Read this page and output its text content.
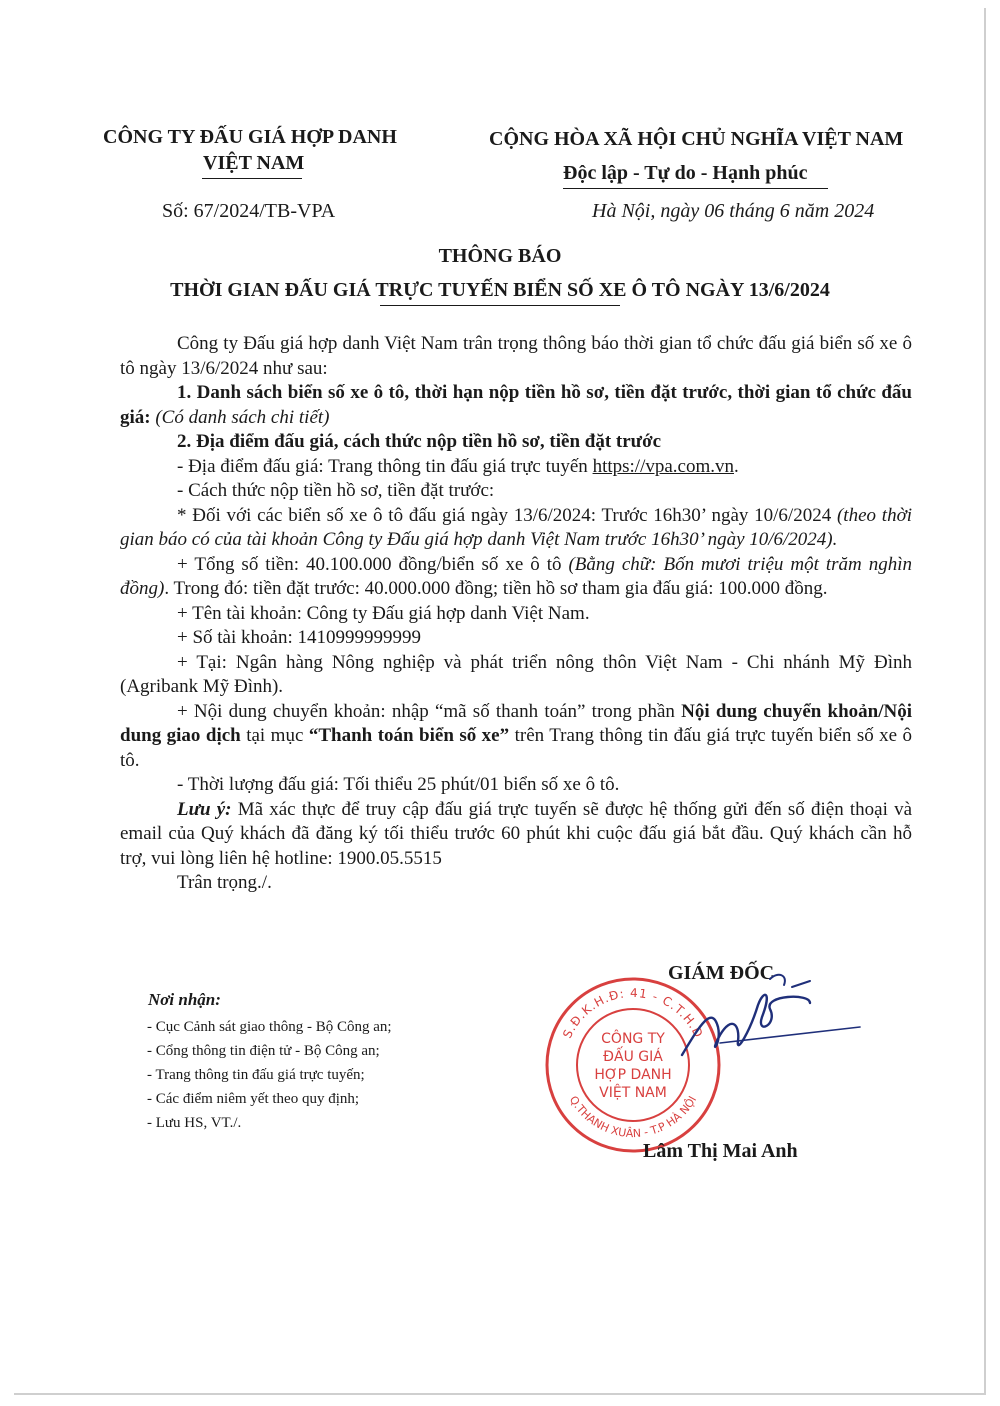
CÔNG TY ĐẤU GIÁ HỢP DANH
VIỆT NAM
Số: 67/2024/TB-VPA
CỘNG HÒA XÃ HỘI CHỦ NGHĨA VIỆT NAM
Độc lập - Tự do - Hạnh phúc
Hà Nội, ngày 06 tháng 6 năm 2024
THÔNG BÁO
THỜI GIAN ĐẤU GIÁ TRỰC TUYẾN BIỂN SỐ XE Ô TÔ NGÀY 13/6/2024
Công ty Đấu giá hợp danh Việt Nam trân trọng thông báo thời gian tổ chức đấu giá biển số xe ô tô ngày 13/6/2024 như sau:
1. Danh sách biển số xe ô tô, thời hạn nộp tiền hồ sơ, tiền đặt trước, thời gian tổ chức đấu giá: (Có danh sách chi tiết)
2. Địa điểm đấu giá, cách thức nộp tiền hồ sơ, tiền đặt trước
- Địa điểm đấu giá: Trang thông tin đấu giá trực tuyến https://vpa.com.vn.
- Cách thức nộp tiền hồ sơ, tiền đặt trước:
* Đối với các biển số xe ô tô đấu giá ngày 13/6/2024: Trước 16h30’ ngày 10/6/2024 (theo thời gian báo có của tài khoản Công ty Đấu giá hợp danh Việt Nam trước 16h30’ ngày 10/6/2024).
+ Tổng số tiền: 40.100.000 đồng/biển số xe ô tô (Bằng chữ: Bốn mươi triệu một trăm nghìn đồng). Trong đó: tiền đặt trước: 40.000.000 đồng; tiền hồ sơ tham gia đấu giá: 100.000 đồng.
+ Tên tài khoản: Công ty Đấu giá hợp danh Việt Nam.
+ Số tài khoản: 1410999999999
+ Tại: Ngân hàng Nông nghiệp và phát triển nông thôn Việt Nam - Chi nhánh Mỹ Đình (Agribank Mỹ Đình).
+ Nội dung chuyển khoản: nhập “mã số thanh toán” trong phần Nội dung chuyển khoản/Nội dung giao dịch tại mục “Thanh toán biển số xe” trên Trang thông tin đấu giá trực tuyến biển số xe ô tô.
- Thời lượng đấu giá: Tối thiểu 25 phút/01 biển số xe ô tô.
Lưu ý: Mã xác thực để truy cập đấu giá trực tuyến sẽ được hệ thống gửi đến số điện thoại và email của Quý khách đã đăng ký tối thiểu trước 60 phút khi cuộc đấu giá bắt đầu. Quý khách cần hỗ trợ, vui lòng liên hệ hotline: 1900.05.5515
Trân trọng./.
Nơi nhận:
- Cục Cảnh sát giao thông - Bộ Công an;
- Cổng thông tin điện tử - Bộ Công an;
- Trang thông tin đấu giá trực tuyến;
- Các điểm niêm yết theo quy định;
- Lưu HS, VT./.
GIÁM ĐỐC
S.Đ.K.H.Đ: 41 - C.T.H.D
Q.THANH XUÂN - T.P HÀ NỘI
CÔNG TY
ĐẤU GIÁ
HỢP DANH
VIỆT NAM
Lâm Thị Mai Anh
